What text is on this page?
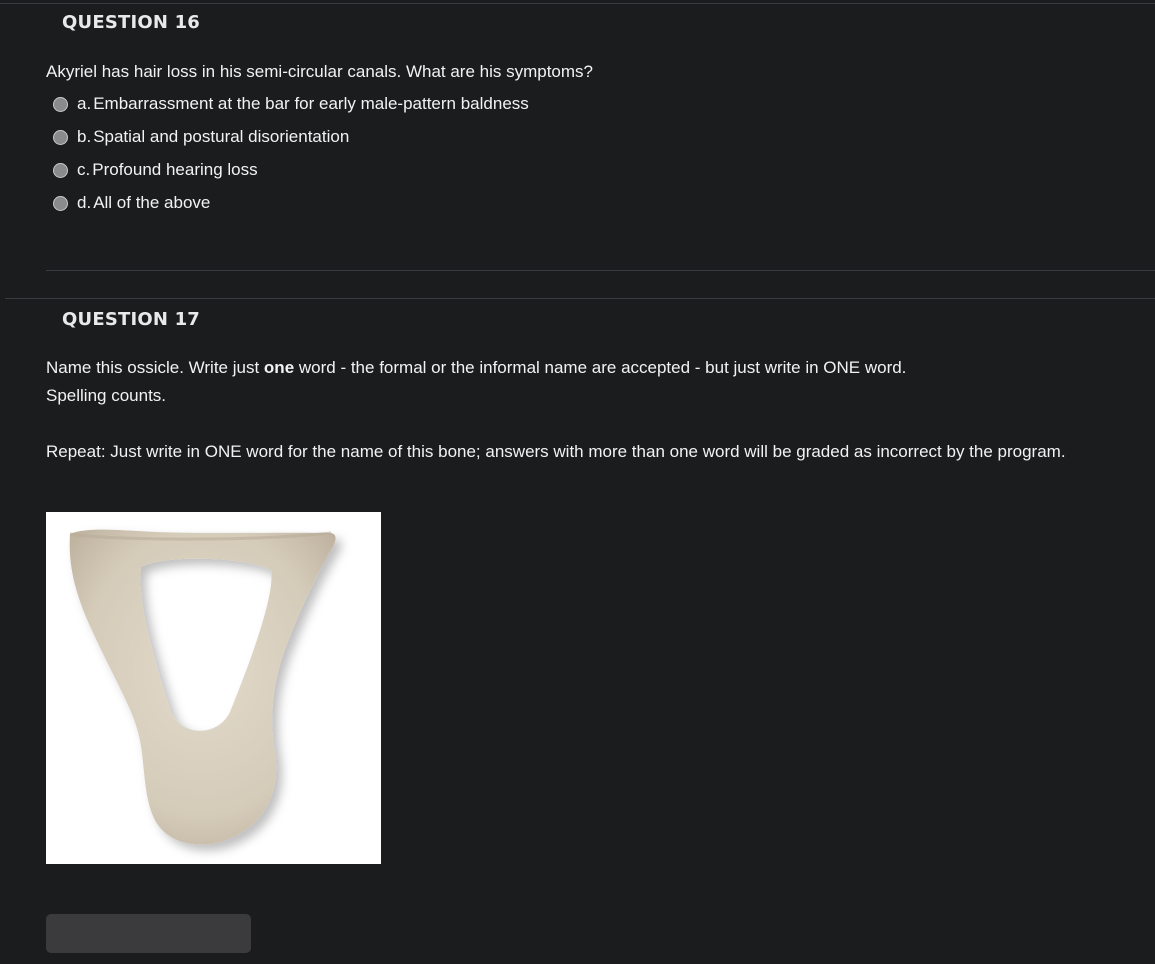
QUESTION 16
Akyriel has hair loss in his semi-circular canals. What are his symptoms?
a. Embarrassment at the bar for early male-pattern baldness
b. Spatial and postural disorientation
c. Profound hearing loss
d. All of the above
QUESTION 17
Name this ossicle. Write just one word - the formal or the informal name are accepted - but just write in ONE word.
Spelling counts.
Repeat: Just write in ONE word for the name of this bone; answers with more than one word will be graded as incorrect by the program.
